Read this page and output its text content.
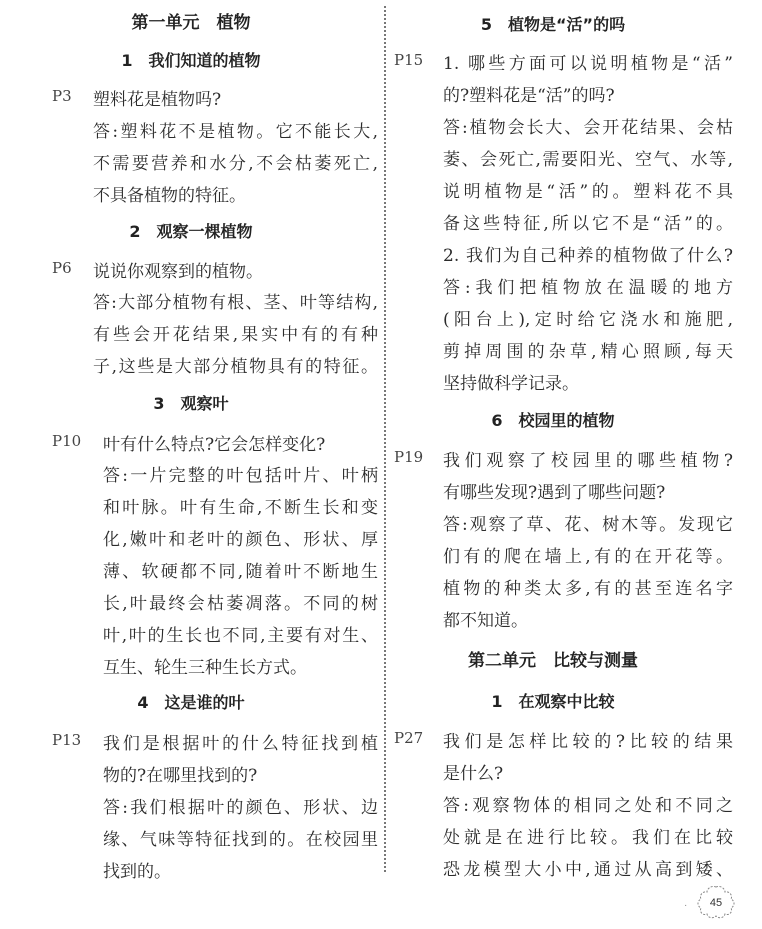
第一单元　植物
1　我们知道的植物
P3 塑料花是植物吗?
答:塑料花不是植物。它不能长大,
不需要营养和水分,不会枯萎死亡,
不具备植物的特征。
2　观察一棵植物
P6 说说你观察到的植物。
答:大部分植物有根、茎、叶等结构,
有些会开花结果,果实中有的有种
子,这些是大部分植物具有的特征。
3　观察叶
P10 叶有什么特点?它会怎样变化?
答:一片完整的叶包括叶片、叶柄
和叶脉。叶有生命,不断生长和变
化,嫩叶和老叶的颜色、形状、厚
薄、软硬都不同,随着叶不断地生
长,叶最终会枯萎凋落。不同的树
叶,叶的生长也不同,主要有对生、
互生、轮生三种生长方式。
4　这是谁的叶
P13 我们是根据叶的什么特征找到植
物的?在哪里找到的?
答:我们根据叶的颜色、形状、边
缘、气味等特征找到的。在校园里
找到的。
5　植物是“活”的吗
P15 1. 哪些方面可以说明植物是“活”
的?塑料花是“活”的吗?
答:植物会长大、会开花结果、会枯
萎、会死亡,需要阳光、空气、水等,
说明植物是“活”的。塑料花不具
备这些特征,所以它不是“活”的。
2. 我们为自己种养的植物做了什么?
答:我们把植物放在温暖的地方
(阳台上),定时给它浇水和施肥,
剪掉周围的杂草,精心照顾,每天
坚持做科学记录。
6　校园里的植物
P19 我们观察了校园里的哪些植物?
有哪些发现?遇到了哪些问题?
答:观察了草、花、树木等。发现它
们有的爬在墙上,有的在开花等。
植物的种类太多,有的甚至连名字
都不知道。
第二单元　比较与测量
1　在观察中比较
P27 我们是怎样比较的?比较的结果
是什么?
答:观察物体的相同之处和不同之
处就是在进行比较。我们在比较
恐龙模型大小中,通过从高到矮、
45
·
